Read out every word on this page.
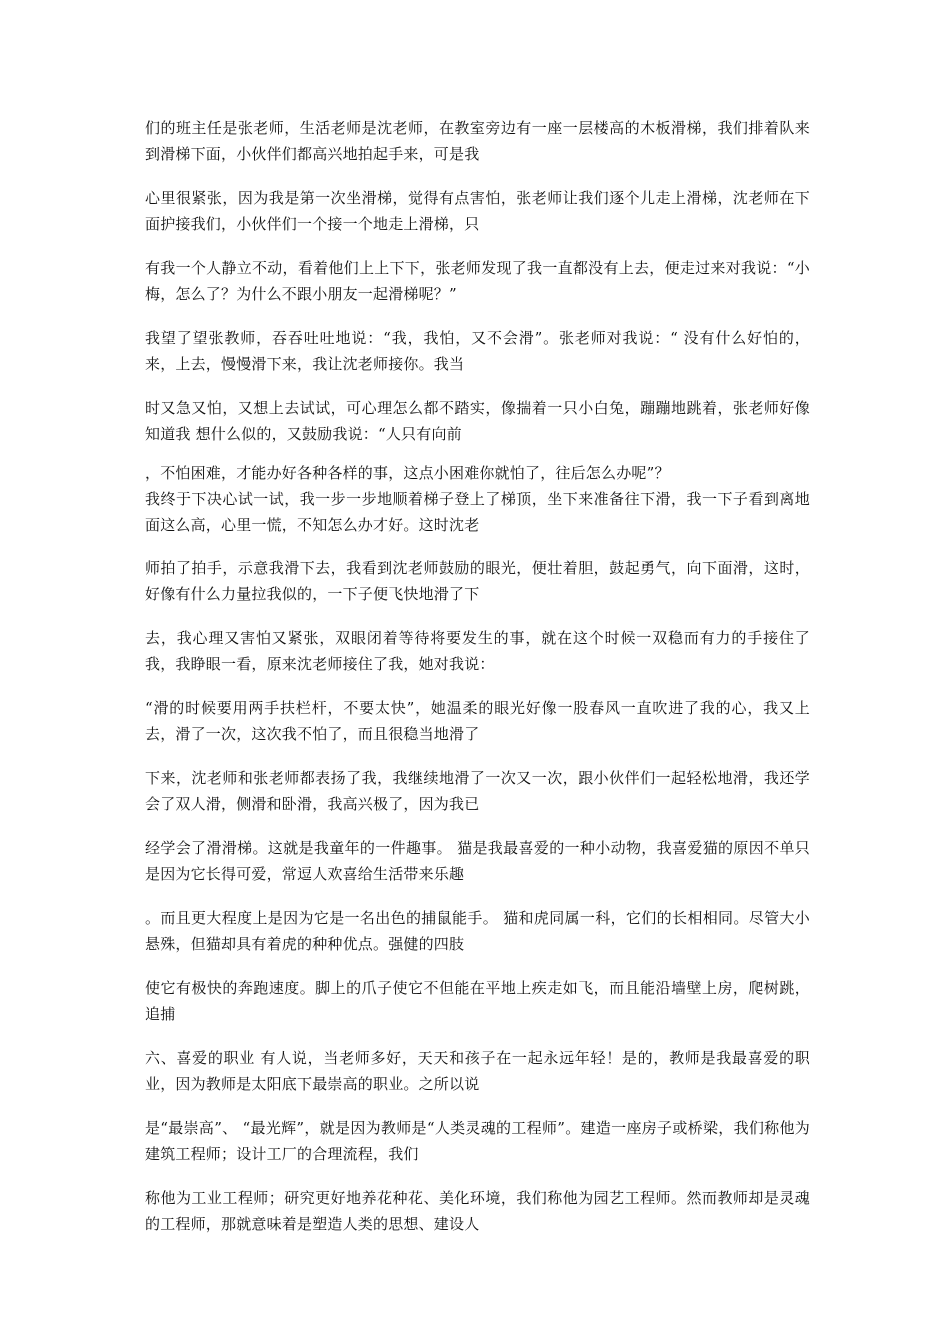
们的班主任是张老师，生活老师是沈老师，在教室旁边有一座一层楼高的木板滑梯，我们排着队来到滑梯下面，小伙伴们都高兴地拍起手来，可是我

心里很紧张，因为我是第一次坐滑梯，觉得有点害怕，张老师让我们逐个儿走上滑梯，沈老师在下面护接我们，小伙伴们一个接一个地走上滑梯，只

有我一个人静立不动，看着他们上上下下，张老师发现了我一直都没有上去，便走过来对我说：“小梅，怎么了？为什么不跟小朋友一起滑梯呢？”

我望了望张教师，吞吞吐吐地说：“我，我怕，又不会滑”。张老师对我说：“ 没有什么好怕的，来，上去，慢慢滑下来，我让沈老师接你。我当

时又急又怕，又想上去试试，可心理怎么都不踏实，像揣着一只小白兔，蹦蹦地跳着，张老师好像知道我 想什么似的，又鼓励我说：“人只有向前

，不怕困难，才能办好各种各样的事，这点小困难你就怕了，往后怎么办呢”？

我终于下决心试一试，我一步一步地顺着梯子登上了梯顶，坐下来准备往下滑，我一下子看到离地面这么高，心里一慌，不知怎么办才好。这时沈老

师拍了拍手，示意我滑下去，我看到沈老师鼓励的眼光，便壮着胆，鼓起勇气，向下面滑，这时，好像有什么力量拉我似的，一下子便飞快地滑了下

去，我心理又害怕又紧张，双眼闭着等待将要发生的事，就在这个时候一双稳而有力的手接住了我，我睁眼一看，原来沈老师接住了我，她对我说：

“滑的时候要用两手扶栏杆，不要太快”，她温柔的眼光好像一股春风一直吹进了我的心，我又上去，滑了一次，这次我不怕了，而且很稳当地滑了

下来，沈老师和张老师都表扬了我，我继续地滑了一次又一次，跟小伙伴们一起轻松地滑，我还学会了双人滑，侧滑和卧滑，我高兴极了，因为我已

经学会了滑滑梯。这就是我童年的一件趣事。 猫是我最喜爱的一种小动物，我喜爱猫的原因不单只是因为它长得可爱，常逗人欢喜给生活带来乐趣

。而且更大程度上是因为它是一名出色的捕鼠能手。 猫和虎同属一科，它们的长相相同。尽管大小悬殊，但猫却具有着虎的种种优点。强健的四肢

使它有极快的奔跑速度。脚上的爪子使它不但能在平地上疾走如飞，而且能沿墙壁上房，爬树跳，追捕

六、喜爱的职业 有人说，当老师多好，天天和孩子在一起永远年轻！是的，教师是我最喜爱的职业，因为教师是太阳底下最崇高的职业。之所以说

是“最崇高”、 “最光辉”，就是因为教师是“人类灵魂的工程师”。建造一座房子或桥梁，我们称他为建筑工程师；设计工厂的合理流程，我们

称他为工业工程师；研究更好地养花种花、美化环境，我们称他为园艺工程师。然而教师却是灵魂的工程师，那就意味着是塑造人类的思想、建设人
